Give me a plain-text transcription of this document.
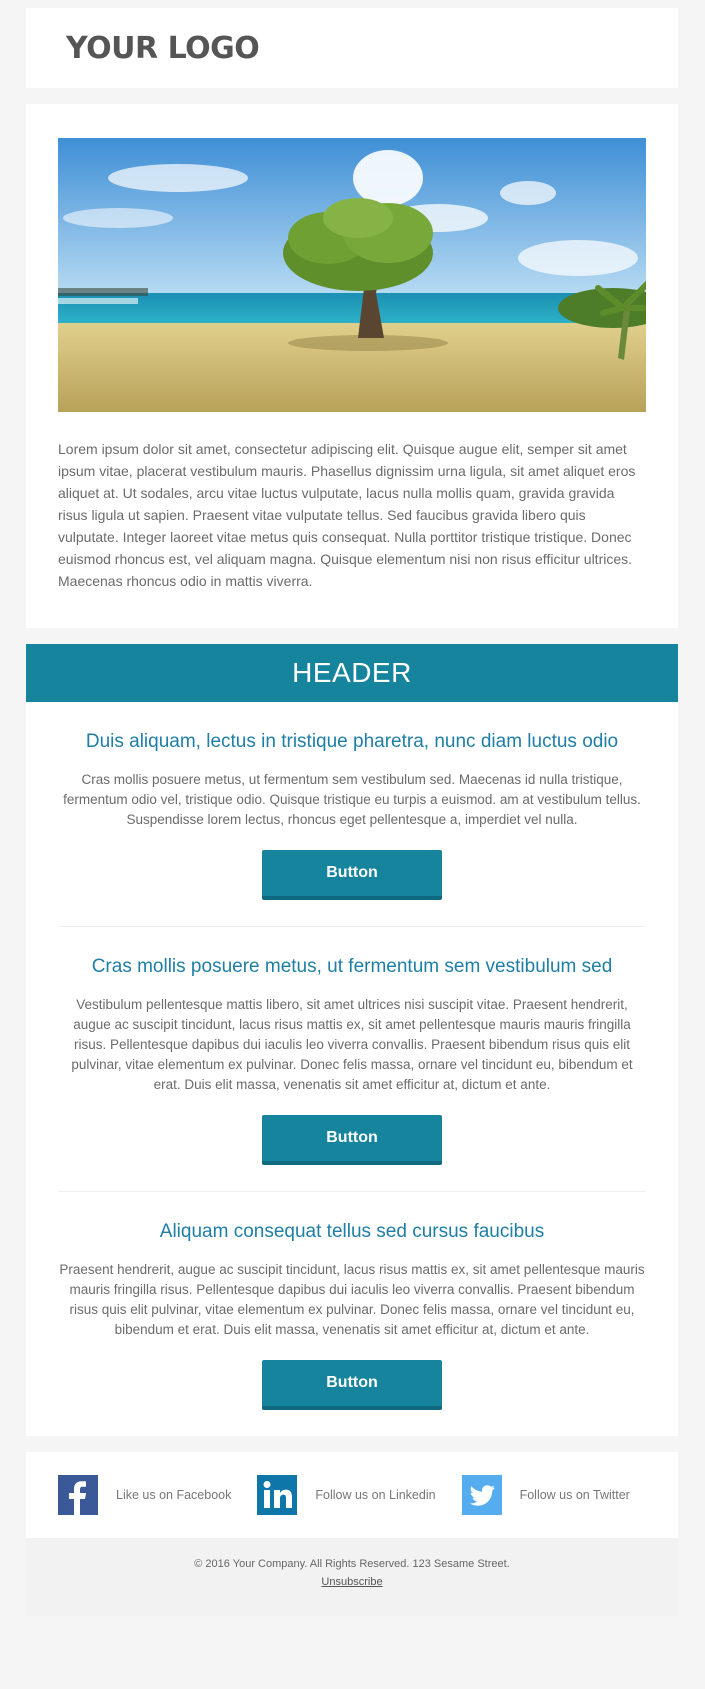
YOUR LOGO
Lorem ipsum dolor sit amet, consectetur adipiscing elit. Quisque augue elit, semper sit amet ipsum vitae, placerat vestibulum mauris. Phasellus dignissim urna ligula, sit amet aliquet eros aliquet at. Ut sodales, arcu vitae luctus vulputate, lacus nulla mollis quam, gravida gravida risus ligula ut sapien. Praesent vitae vulputate tellus. Sed faucibus gravida libero quis vulputate. Integer laoreet vitae metus quis consequat. Nulla porttitor tristique tristique. Donec euismod rhoncus est, vel aliquam magna. Quisque elementum nisi non risus efficitur ultrices. Maecenas rhoncus odio in mattis viverra.
HEADER
Duis aliquam, lectus in tristique pharetra, nunc diam luctus odio

Cras mollis posuere metus, ut fermentum sem vestibulum sed. Maecenas id nulla tristique, fermentum odio vel, tristique odio. Quisque tristique eu turpis a euismod. am at vestibulum tellus. Suspendisse lorem lectus, rhoncus eget pellentesque a, imperdiet vel nulla.

Button
Cras mollis posuere metus, ut fermentum sem vestibulum sed

Vestibulum pellentesque mattis libero, sit amet ultrices nisi suscipit vitae. Praesent hendrerit, augue ac suscipit tincidunt, lacus risus mattis ex, sit amet pellentesque mauris mauris fringilla risus. Pellentesque dapibus dui iaculis leo viverra convallis. Praesent bibendum risus quis elit pulvinar, vitae elementum ex pulvinar. Donec felis massa, ornare vel tincidunt eu, bibendum et erat. Duis elit massa, venenatis sit amet efficitur at, dictum et ante.

Button
Aliquam consequat tellus sed cursus faucibus

Praesent hendrerit, augue ac suscipit tincidunt, lacus risus mattis ex, sit amet pellentesque mauris mauris fringilla risus. Pellentesque dapibus dui iaculis leo viverra convallis. Praesent bibendum risus quis elit pulvinar, vitae elementum ex pulvinar. Donec felis massa, ornare vel tincidunt eu, bibendum et erat. Duis elit massa, venenatis sit amet efficitur at, dictum et ante.

Button
Like us on Facebook	Follow us on Linkedin	Follow us on Twitter
© 2016 Your Company. All Rights Reserved. 123 Sesame Street.
Unsubscribe
